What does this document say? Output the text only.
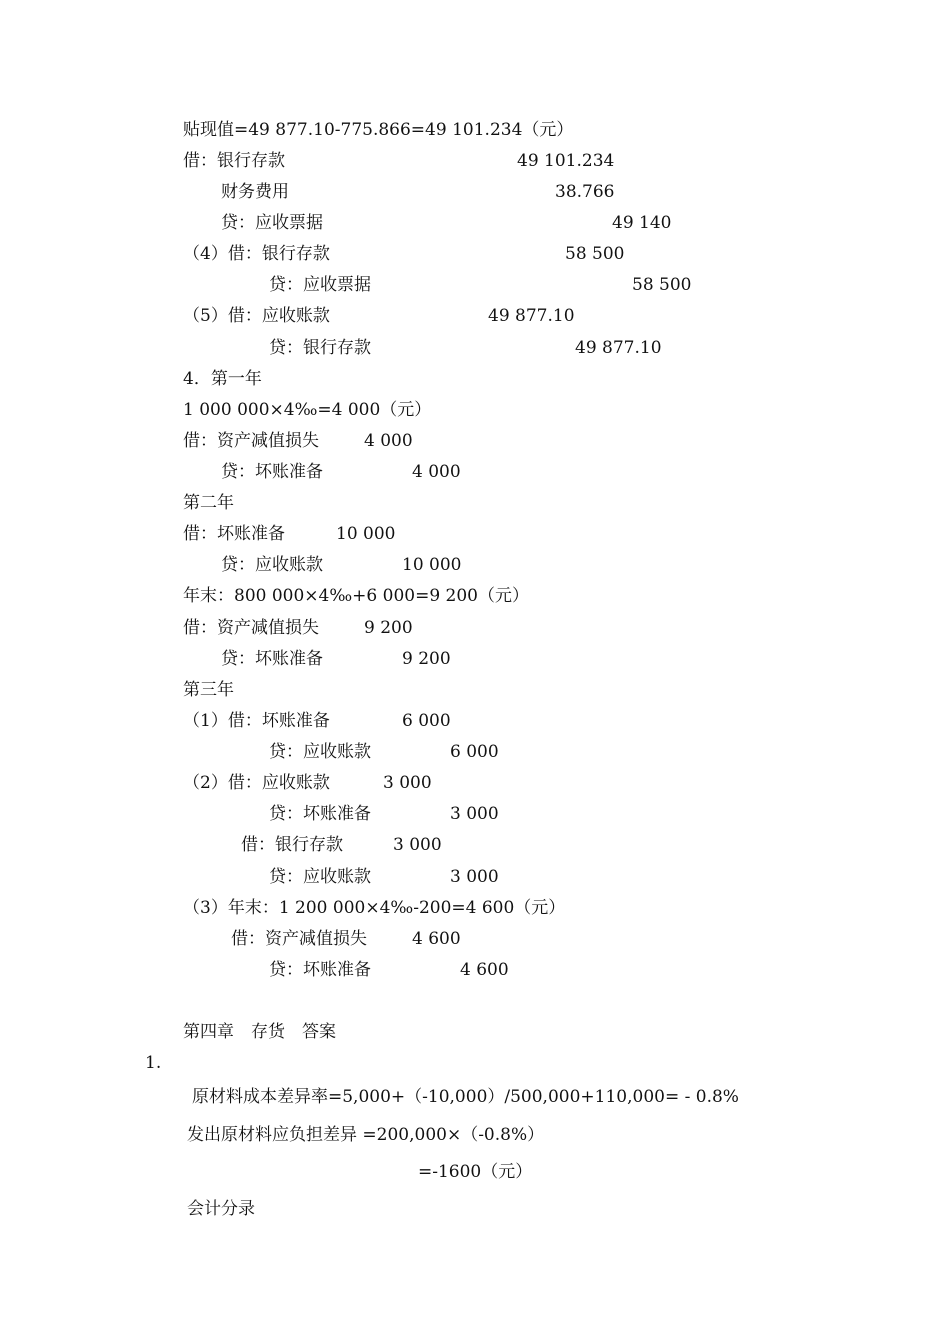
贴现值=49 877.10-775.866=49 101.234（元）
借：银行存款	49 101.234
财务费用	38.766
贷：应收票据	49 140
（4）借：银行存款	58 500
贷：应收票据	58 500
（5）借：应收账款	49 877.10
贷：银行存款	49 877.10
4．第一年
1 000 000×4‰=4 000（元）
借：资产减值损失	4 000
贷：坏账准备	4 000
第二年
借：坏账准备	10 000
贷：应收账款	10 000
年末：800 000×4‰+6 000=9 200（元）
借：资产减值损失	9 200
贷：坏账准备	9 200
第三年
（1）借：坏账准备	6 000
贷：应收账款	6 000
（2）借：应收账款	3 000
贷：坏账准备	3 000
借：银行存款	3 000
贷：应收账款	3 000
（3）年末：1 200 000×4‰-200=4 600（元）
借：资产减值损失	4 600
贷：坏账准备	4 600
第四章　存货　答案
1.
原材料成本差异率=5,000+（-10,000）/500,000+110,000= - 0.8%
发出原材料应负担差异 =200,000×（-0.8%）
=-1600（元）
会计分录
